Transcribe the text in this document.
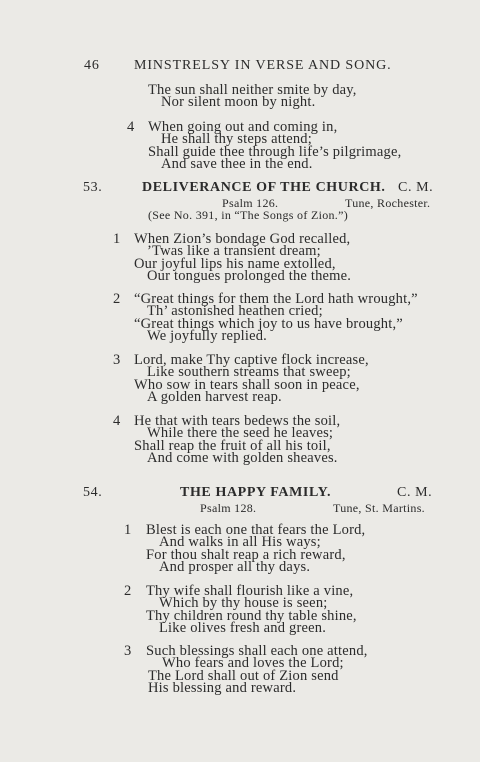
46 MINSTRELSY IN VERSE AND SONG.
The sun shall neither smite by day,
Nor silent moon by night.
4 When going out and coming in,
He shall thy steps attend;
Shall guide thee through life’s pilgrimage,
And save thee in the end.
53.	DELIVERANCE OF THE CHURCH. C. M.
Psalm 126.	Tune, Rochester.
(See No. 391, in “The Songs of Zion.”)
1 When Zion’s bondage God recalled,
’Twas like a transient dream;
Our joyful lips his name extolled,
Our tongues prolonged the theme.
2 “Great things for them the Lord hath wrought,”
Th’ astonished heathen cried;
“Great things which joy to us have brought,”
We joyfully replied.
3 Lord, make Thy captive flock increase,
Like southern streams that sweep;
Who sow in tears shall soon in peace,
A golden harvest reap.
4 He that with tears bedews the soil,
While there the seed he leaves;
Shall reap the fruit of all his toil,
And come with golden sheaves.
54.	THE HAPPY FAMILY.	C. M.
Psalm 128.	Tune, St. Martins.
1 Blest is each one that fears the Lord,
And walks in all His ways;
For thou shalt reap a rich reward,
And prosper all thy days.
2 Thy wife shall flourish like a vine,
Which by thy house is seen;
Thy children round thy table shine,
Like olives fresh and green.
3 Such blessings shall each one attend,
Who fears and loves the Lord;
The Lord shall out of Zion send
His blessing and reward.
